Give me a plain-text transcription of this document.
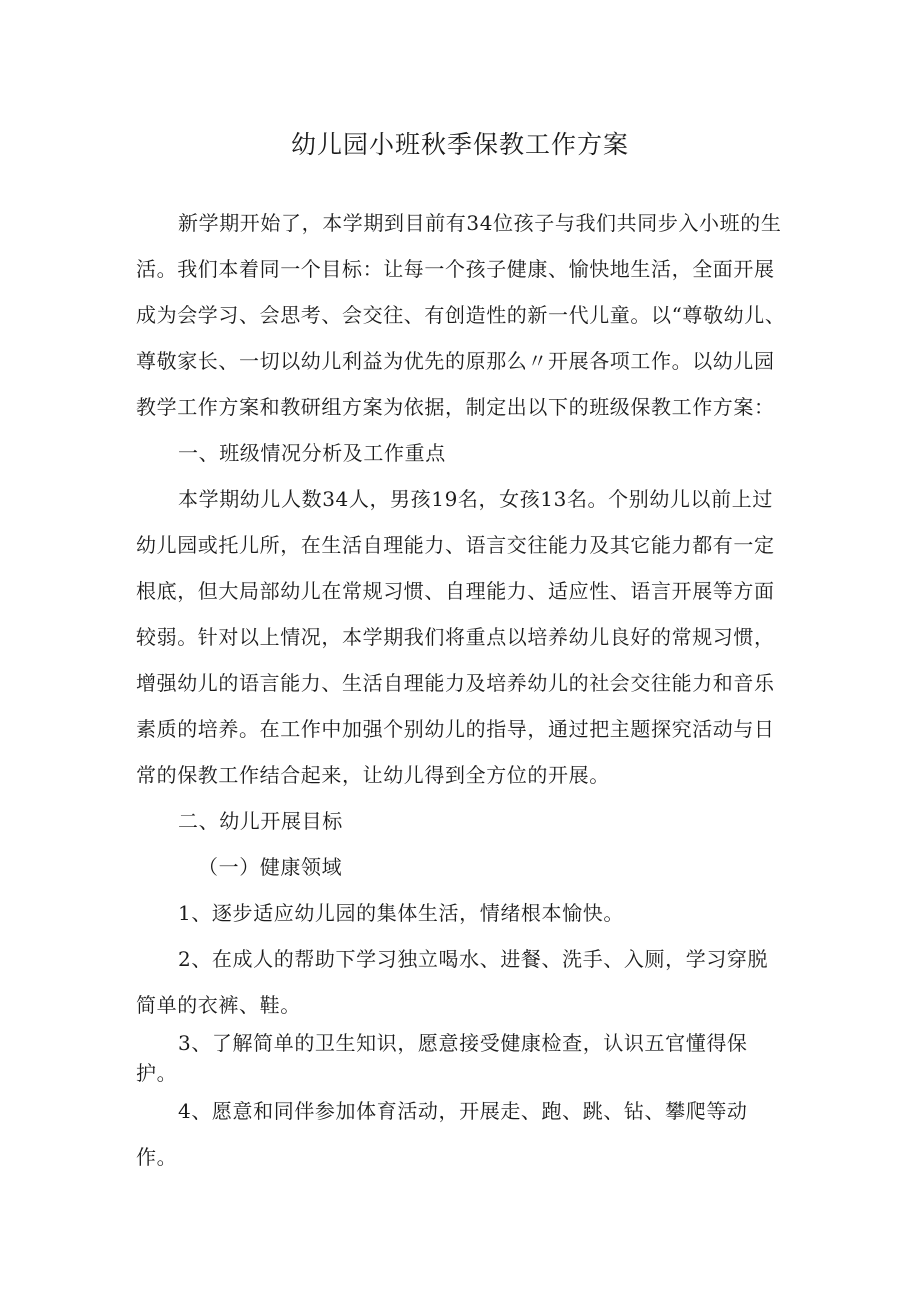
幼儿园小班秋季保教工作方案

新学期开始了，本学期到目前有34位孩子与我们共同步入小班的生活。我们本着同一个目标：让每一个孩子健康、愉快地生活，全面开展成为会学习、会思考、会交往、有创造性的新一代儿童。以“尊敬幼儿、尊敬家长、一切以幼儿利益为优先的原那么〃开展各项工作。以幼儿园教学工作方案和教研组方案为依据，制定出以下的班级保教工作方案：

一、班级情况分析及工作重点

本学期幼儿人数34人，男孩19名，女孩13名。个别幼儿以前上过幼儿园或托儿所，在生活自理能力、语言交往能力及其它能力都有一定根底，但大局部幼儿在常规习惯、自理能力、适应性、语言开展等方面较弱。针对以上情况，本学期我们将重点以培养幼儿良好的常规习惯，增强幼儿的语言能力、生活自理能力及培养幼儿的社会交往能力和音乐素质的培养。在工作中加强个别幼儿的指导，通过把主题探究活动与日常的保教工作结合起来，让幼儿得到全方位的开展。

二、幼儿开展目标

（一）健康领域

1、逐步适应幼儿园的集体生活，情绪根本愉快。

2、在成人的帮助下学习独立喝水、进餐、洗手、入厕，学习穿脱简单的衣裤、鞋。

3、了解简单的卫生知识，愿意接受健康检查，认识五官懂得保护。

4、愿意和同伴参加体育活动，开展走、跑、跳、钻、攀爬等动作。
